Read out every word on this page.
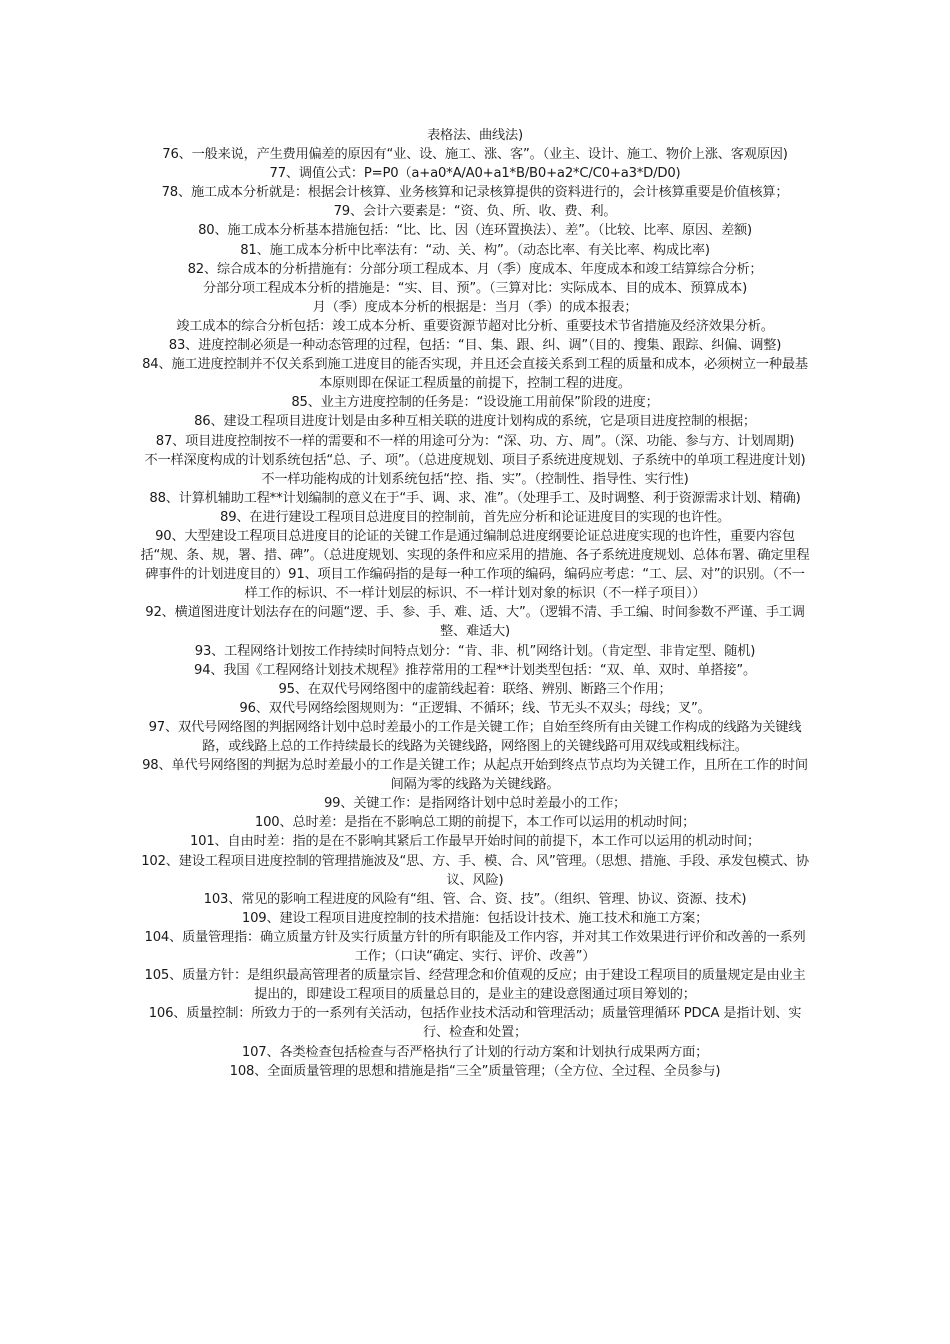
表格法、曲线法)
76、一般来说，产生费用偏差的原因有“业、设、施工、涨、客”。（业主、设计、施工、物价上涨、客观原因)
77、调值公式：P=P0（a+a0*A/A0+a1*B/B0+a2*C/C0+a3*D/D0)
78、施工成本分析就是：根据会计核算、业务核算和记录核算提供的资料进行的，会计核算重要是价值核算；
79、会计六要素是：“资、负、所、收、费、利。
80、施工成本分析基本措施包括：“比、比、因（连环置换法）、差”。（比较、比率、原因、差额)
81、施工成本分析中比率法有：“动、关、构”。（动态比率、有关比率、构成比率)
82、综合成本的分析措施有：分部分项工程成本、月（季）度成本、年度成本和竣工结算综合分析；
分部分项工程成本分析的措施是：“实、目、预”。（三算对比：实际成本、目的成本、预算成本)
月（季）度成本分析的根据是：当月（季）的成本报表；
竣工成本的综合分析包括：竣工成本分析、重要资源节超对比分析、重要技术节省措施及经济效果分析。
83、进度控制必须是一种动态管理的过程，包括：“目、集、跟、纠、调”（目的、搜集、跟踪、纠偏、调整)
84、施工进度控制并不仅关系到施工进度目的能否实现，并且还会直接关系到工程的质量和成本，必须树立一种最基本原则即在保证工程质量的前提下，控制工程的进度。
85、业主方进度控制的任务是：“设设施工用前保”阶段的进度；
86、建设工程项目进度计划是由多种互相关联的进度计划构成的系统，它是项目进度控制的根据；
87、项目进度控制按不一样的需要和不一样的用途可分为：“深、功、方、周”。（深、功能、参与方、计划周期)
不一样深度构成的计划系统包括“总、子、项”。（总进度规划、项目子系统进度规划、子系统中的单项工程进度计划)
不一样功能构成的计划系统包括“控、指、实”。（控制性、指导性、实行性)
88、计算机辅助工程**计划编制的意义在于“手、调、求、准”。（处理手工、及时调整、利于资源需求计划、精确)
89、在进行建设工程项目总进度目的控制前，首先应分析和论证进度目的实现的也许性。
90、大型建设工程项目总进度目的论证的关键工作是通过编制总进度纲要论证总进度实现的也许性，重要内容包括“规、条、规，署、措、碑”。（总进度规划、实现的条件和应采用的措施、各子系统进度规划、总体布署、确定里程碑事件的计划进度目的）91、项目工作编码指的是每一种工作项的编码，编码应考虑：“工、层、对”的识别。（不一样工作的标识、不一样计划层的标识、不一样计划对象的标识（不一样子项目））
92、横道图进度计划法存在的问题“逻、手、参、手、难、适、大”。（逻辑不清、手工编、时间参数不严谨、手工调整、难适大)
93、工程网络计划按工作持续时间特点划分：“肯、非、机”网络计划。（肯定型、非肯定型、随机)
94、我国《工程网络计划技术规程》推荐常用的工程**计划类型包括：“双、单、双时、单搭接”。
95、在双代号网络图中的虚箭线起着：联络、辨别、断路三个作用；
96、双代号网络绘图规则为：“正逻辑、不循环；线、节无头不双头；母线；叉”。
97、双代号网络图的判据网络计划中总时差最小的工作是关键工作；自始至终所有由关键工作构成的线路为关键线路，或线路上总的工作持续最长的线路为关键线路，网络图上的关键线路可用双线或粗线标注。
98、单代号网络图的判据为总时差最小的工作是关键工作；从起点开始到终点节点均为关键工作，且所在工作的时间间隔为零的线路为关键线路。
99、关键工作：是指网络计划中总时差最小的工作；
100、总时差：是指在不影响总工期的前提下，本工作可以运用的机动时间；
101、自由时差：指的是在不影响其紧后工作最早开始时间的前提下，本工作可以运用的机动时间；
102、建设工程项目进度控制的管理措施波及“思、方、手、模、合、风”管理。（思想、措施、手段、承发包模式、协议、风险)
103、常见的影响工程进度的风险有“组、管、合、资、技”。（组织、管理、协议、资源、技术)
109、建设工程项目进度控制的技术措施：包括设计技术、施工技术和施工方案；
104、质量管理指：确立质量方针及实行质量方针的所有职能及工作内容，并对其工作效果进行评价和改善的一系列工作；（口诀“确定、实行、评价、改善”）
105、质量方针：是组织最高管理者的质量宗旨、经营理念和价值观的反应；由于建设工程项目的质量规定是由业主提出的，即建设工程项目的质量总目的，是业主的建设意图通过项目筹划的；
106、质量控制：所致力于的一系列有关活动，包括作业技术活动和管理活动；质量管理循环 PDCA 是指计划、实行、检查和处置；
107、各类检查包括检查与否严格执行了计划的行动方案和计划执行成果两方面；
108、全面质量管理的思想和措施是指“三全”质量管理；（全方位、全过程、全员参与)
